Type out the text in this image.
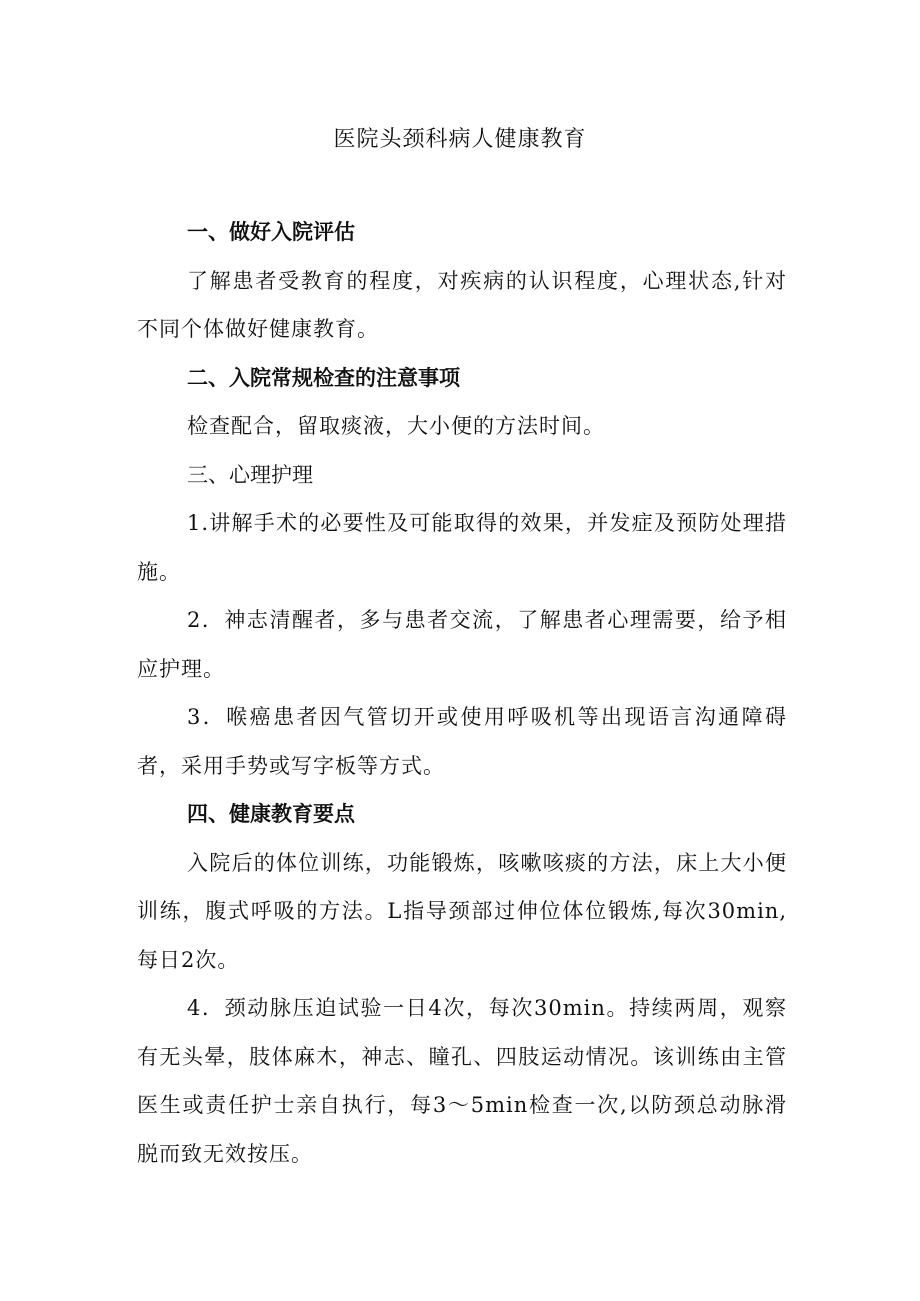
医院头颈科病人健康教育

一、做好入院评估

了解患者受教育的程度，对疾病的认识程度，心理状态,针对不同个体做好健康教育。

二、入院常规检查的注意事项

检查配合，留取痰液，大小便的方法时间。

三、心理护理

1.讲解手术的必要性及可能取得的效果，并发症及预防处理措施。

2．神志清醒者，多与患者交流，了解患者心理需要，给予相应护理。

3．喉癌患者因气管切开或使用呼吸机等出现语言沟通障碍者，采用手势或写字板等方式。

四、健康教育要点

入院后的体位训练，功能锻炼，咳嗽咳痰的方法，床上大小便训练，腹式呼吸的方法。L指导颈部过伸位体位锻炼,每次30min,每日2次。

4．颈动脉压迫试验一日4次，每次30min。持续两周，观察有无头晕，肢体麻木，神志、瞳孔、四肢运动情况。该训练由主管医生或责任护士亲自执行，每3～5min检查一次,以防颈总动脉滑脱而致无效按压。
